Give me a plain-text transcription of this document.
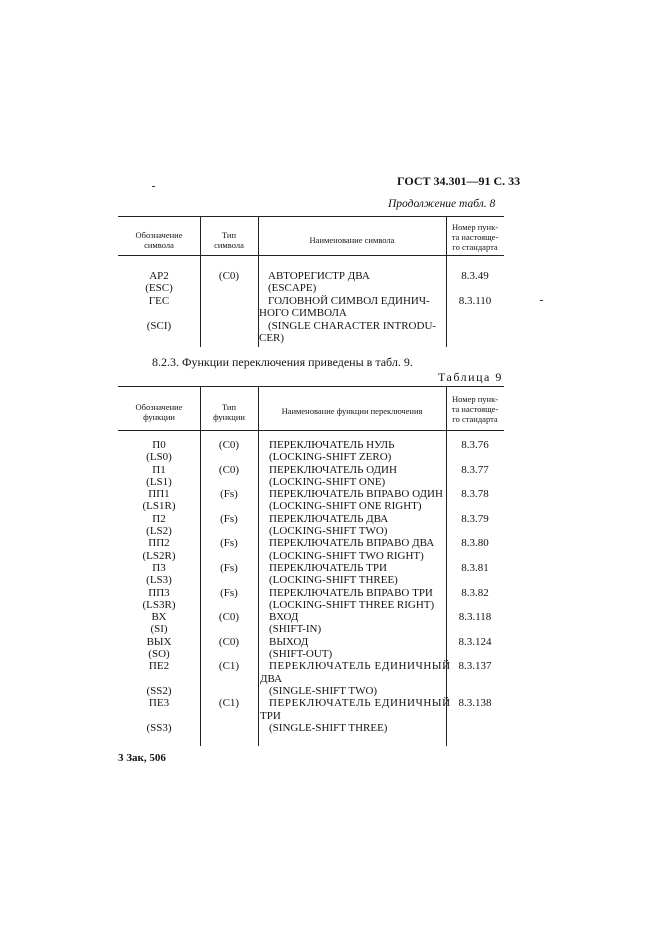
ГОСТ 34.301—91 С. 33
Продолжение табл. 8
Обозначение
символа
Тип
символа	Наименование символа
Номер пунк-
та настояще-
го стандарта
АР2
(ESC)
(С0)	АВТОРЕГИСТР ДВА
(ESCAPE)
8.3.49
ГЕС
(SCI)
ГОЛОВНОЙ СИМВОЛ ЕДИНИЧ-
НОГО СИМВОЛА
(SINGLE CHARACTER INTRODU-
CER)
8.3.110
8.2.3. Функции переключения приведены в табл. 9.
Таблица 9
Обозначение
функции
Тип
функции
Наименование функции переключения
Номер пунк-
та настояще-
го стандарта
П0
(LS0)
П1
(LS1)
ПП1
(LS1R)
П2
(LS2)
ПП2
(LS2R)
П3
(LS3)
ПП3
(LS3R)
ВХ
(SI)
ВЫХ
(SO)
ПЕ2
(SS2)
ПЕ3
(SS3)
(С0)
(С0)
(Fs)
(Fs)
(Fs)
(Fs)
(Fs)
(С0)
(С0)
(С1)
(С1)
ПЕРЕКЛЮЧАТЕЛЬ НУЛЬ
(LOCKING-SHIFT ZERO)
ПЕРЕКЛЮЧАТЕЛЬ ОДИН
(LOCKING-SHIFT ONE)
ПЕРЕКЛЮЧАТЕЛЬ ВПРАВО ОДИН
(LOCKING-SHIFT ONE RIGHT)
ПЕРЕКЛЮЧАТЕЛЬ ДВА
(LOCKING-SHIFT TWO)
ПЕРЕКЛЮЧАТЕЛЬ ВПРАВО ДВА
(LOCKING-SHIFT TWO RIGHT)
ПЕРЕКЛЮЧАТЕЛЬ ТРИ
(LOCKING-SHIFT THREE)
ПЕРЕКЛЮЧАТЕЛЬ ВПРАВО ТРИ
(LOCKING-SHIFT THREE RIGHT)
ВХОД
(SHIFT-IN)
ВЫХОД
(SHIFT-OUT)
ПЕРЕКЛЮЧАТЕЛЬ ЕДИНИЧНЫЙ
ДВА
(SINGLE-SHIFT TWO)
ПЕРЕКЛЮЧАТЕЛЬ ЕДИНИЧНЫЙ
ТРИ
(SINGLE-SHIFT THREE)
8.3.76
8.3.77
8.3.78
8.3.79
8.3.80
8.3.81
8.3.82
8.3.118
8.3.124
8.3.137
8.3.138
3 Зак, 506
